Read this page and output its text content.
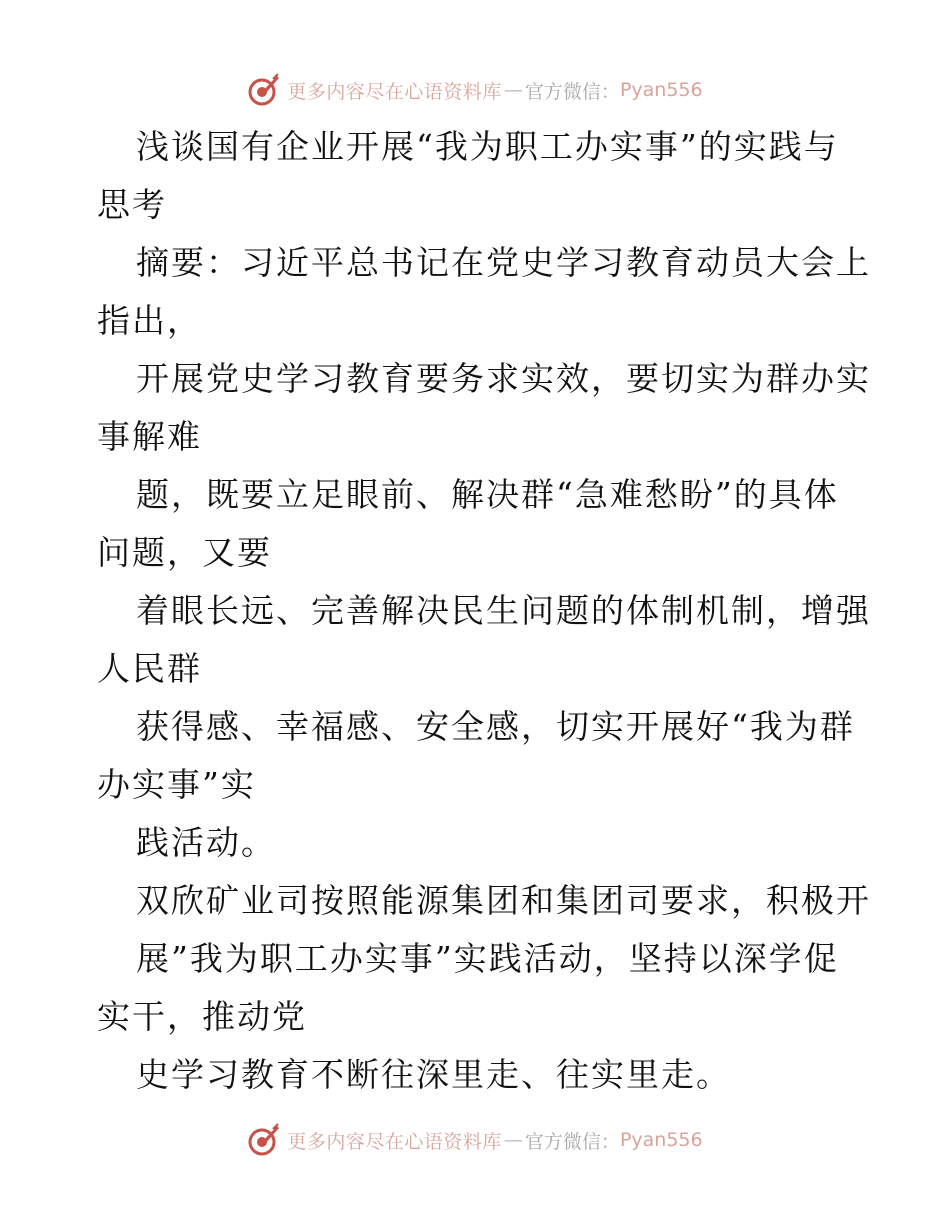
更多内容尽在心语资料库 — 官方微信： Pyan556
浅谈国有企业开展“我为职工办实事”的实践与
思考
摘要：习近平总书记在党史学习教育动员大会上
指出，
开展党史学习教育要务求实效，要切实为群办实
事解难
题，既要立足眼前、解决群“急难愁盼”的具体
问题，又要
着眼长远、完善解决民生问题的体制机制，增强
人民群
获得感、幸福感、安全感，切实开展好“我为群
办实事”实
践活动。
双欣矿业司按照能源集团和集团司要求，积极开
展”我为职工办实事”实践活动，坚持以深学促
实干，推动党
史学习教育不断往深里走、往实里走。
更多内容尽在心语资料库 — 官方微信： Pyan556
